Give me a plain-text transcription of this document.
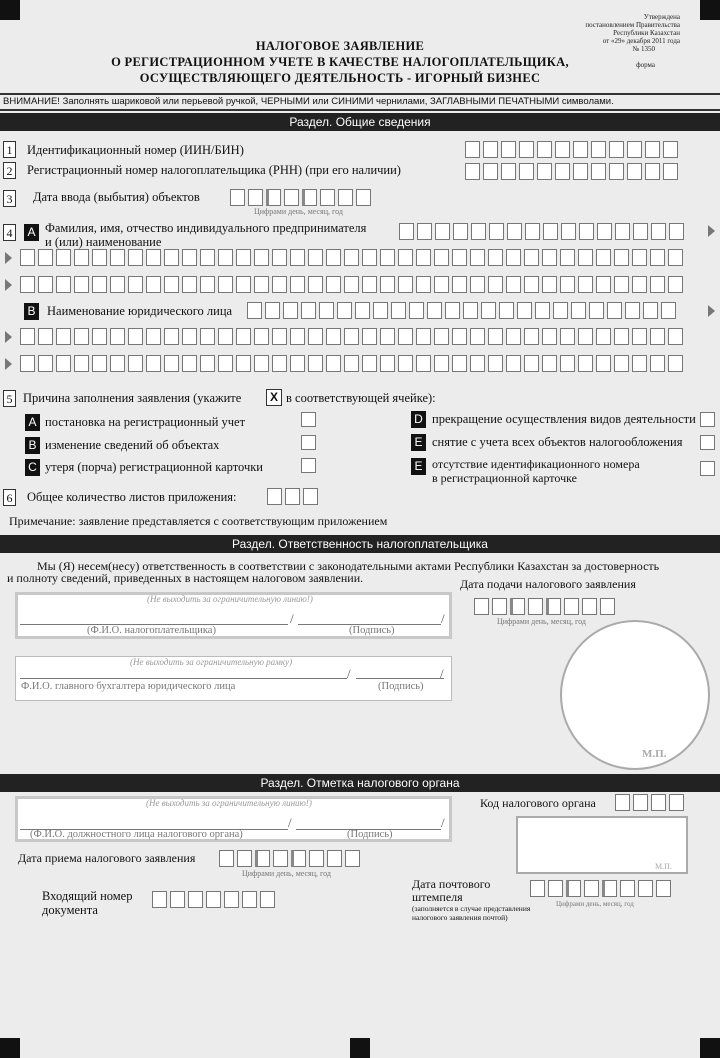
Утверждена
постановлением Правительства
Республики Казахстан
от «29» декабря 2011 года
№ 1350
форма
НАЛОГОВОЕ ЗАЯВЛЕНИЕ
О РЕГИСТРАЦИОННОМ УЧЕТЕ В КАЧЕСТВЕ НАЛОГОПЛАТЕЛЬЩИКА,
ОСУЩЕСТВЛЯЮЩЕГО ДЕЯТЕЛЬНОСТЬ - ИГОРНЫЙ БИЗНЕС
ВНИМАНИЕ! Заполнять шариковой или перьевой ручкой, ЧЕРНЫМИ или СИНИМИ чернилами, ЗАГЛАВНЫМИ ПЕЧАТНЫМИ символами.
Раздел. Общие сведения
1 Идентификационный номер (ИИН/БИН)
2 Регистрационный номер налогоплательщика (РНН) (при его наличии)
3 Дата ввода (выбытия) объектов
Цифрами день, месяц, год
4 A Фамилия, имя, отчество индивидуального предпринимателя
и (или) наименование
B Наименование юридического лица
5 Причина заполнения заявления (укажите	X в соответствующей ячейке):
A постановка на регистрационный учет
B изменение сведений об объектах
C утеря (порча) регистрационной карточки
D прекращение осуществления видов деятельности
E снятие с учета всех объектов налогообложения
E отсутствие идентификационного номера
в регистрационной карточке
6 Общее количество листов приложения:
Примечание: заявление представляется с соответствующим приложением
Раздел. Ответственность налогоплательщика
Мы (Я) несем(несу) ответственность в соответствии с законодательными актами Республики Казахстан за достоверность
и полноту сведений, приведенных в настоящем налоговом заявлении.	Дата подачи налогового заявления
Цифрами день, месяц, год
(Не выходить за ограничительную линию!)
/	/
(Ф.И.О. налогоплательщика)	(Подпись)
(Не выходить за ограничительную рамку)
/	/
Ф.И.О. главного бухгалтера юридического лица	(Подпись)
М.П.
Раздел. Отметка налогового органа
(Не выходить за ограничительную линию!)
/	/
(Ф.И.О. должностного лица налогового органа)	(Подпись)
Код налогового органа
М.П.
Дата приема налогового заявления
Цифрами день, месяц, год
Входящий номер
документа
Дата почтового
штемпеля
(заполняется в случае представления
налогового заявления почтой)
Цифрами день, месяц, год
